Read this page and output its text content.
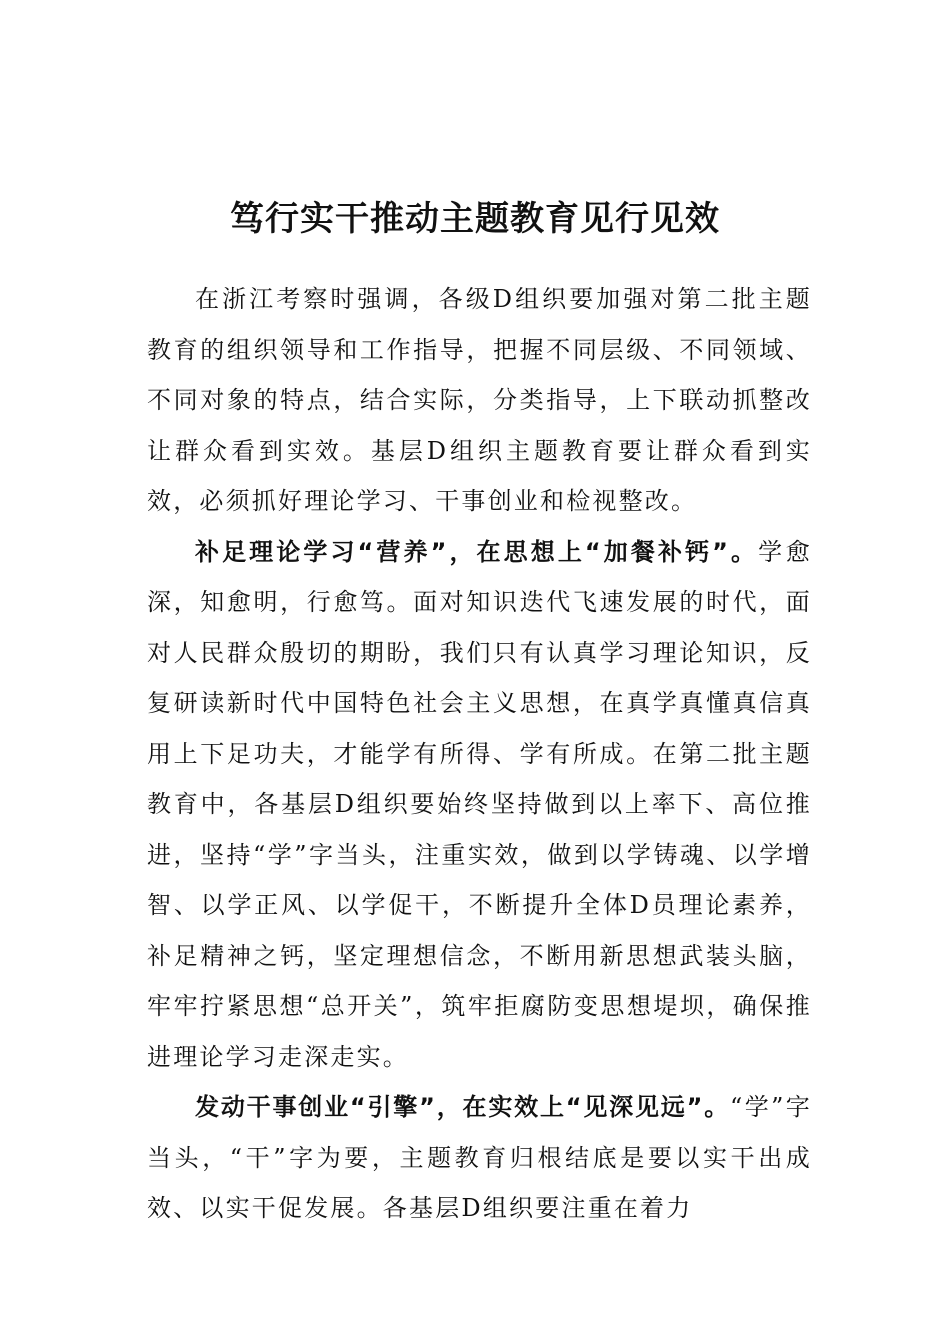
笃行实干推动主题教育见行见效

在浙江考察时强调，各级D组织要加强对第二批主题教育的组织领导和工作指导，把握不同层级、不同领域、不同对象的特点，结合实际，分类指导，上下联动抓整改让群众看到实效。基层D组织主题教育要让群众看到实效，必须抓好理论学习、干事创业和检视整改。

补足理论学习“营养”，在思想上“加餐补钙”。学愈深，知愈明，行愈笃。面对知识迭代飞速发展的时代，面对人民群众殷切的期盼，我们只有认真学习理论知识，反复研读新时代中国特色社会主义思想，在真学真懂真信真用上下足功夫，才能学有所得、学有所成。在第二批主题教育中，各基层D组织要始终坚持做到以上率下、高位推进，坚持“学”字当头，注重实效，做到以学铸魂、以学增智、以学正风、以学促干，不断提升全体D员理论素养，补足精神之钙，坚定理想信念，不断用新思想武装头脑，牢牢拧紧思想“总开关”，筑牢拒腐防变思想堤坝，确保推进理论学习走深走实。

发动干事创业“引擎”，在实效上“见深见远”。“学”字当头，“干”字为要，主题教育归根结底是要以实干出成效、以实干促发展。各基层D组织要注重在着力
